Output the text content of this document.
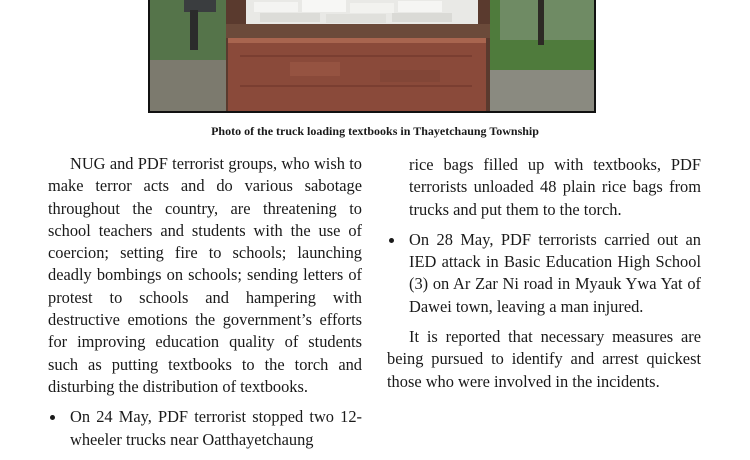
Photo of the truck loading textbooks in Thayetchaung Township

NUG and PDF terrorist groups, who wish to make terror acts and do various sabotage throughout the country, are threatening to school teachers and students with the use of coercion; setting fire to schools; launching deadly bombings on schools; sending letters of protest to schools and hampering with destructive emotions the government’s efforts for improving education quality of students such as putting textbooks to the torch and disturbing the distribution of textbooks.

On 24 May, PDF terrorist stopped two 12-wheeler trucks near Oatthayetchaung

rice bags filled up with textbooks, PDF terrorists unloaded 48 plain rice bags from trucks and put them to the torch.

On 28 May, PDF terrorists carried out an IED attack in Basic Education High School (3) on Ar Zar Ni road in Myauk Ywa Yat of Dawei town, leaving a man injured.

It is reported that necessary measures are being pursued to identify and arrest quickest those who were involved in the incidents.
